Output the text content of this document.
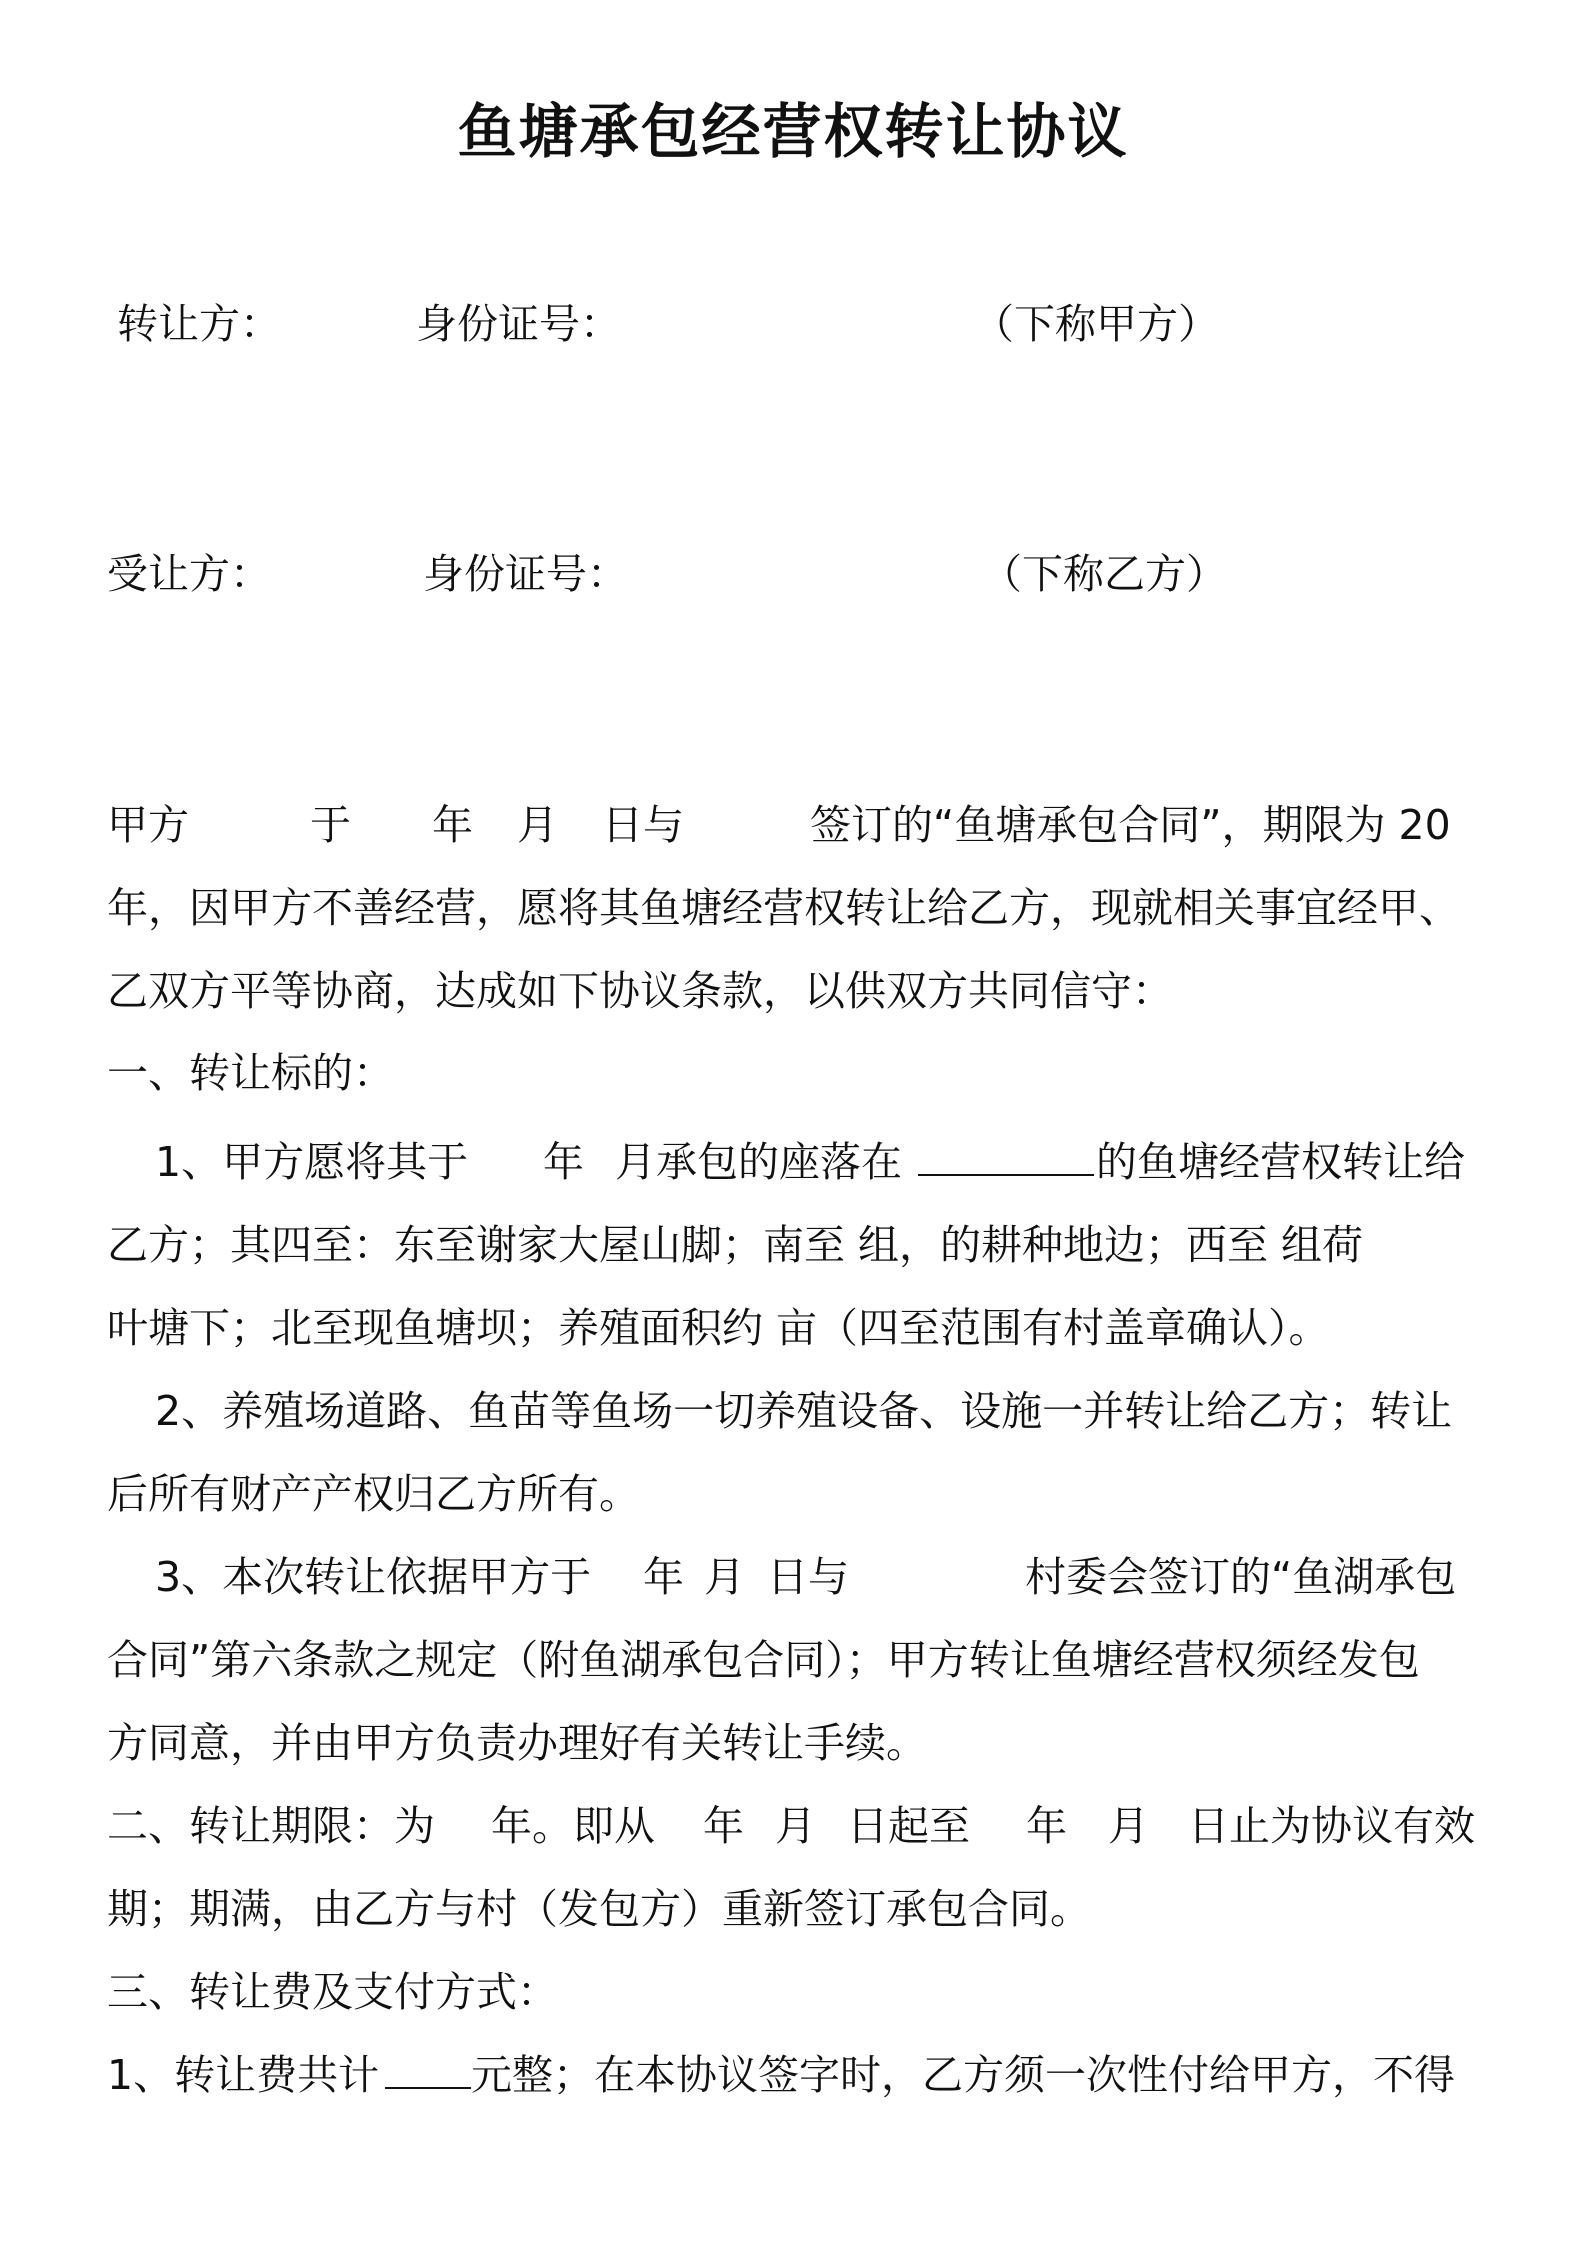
鱼塘承包经营权转让协议
转让方：	身份证号：	（下称甲方）
受让方：	身份证号：	（下称乙方）
甲方	于 年 月 日与	签订的“鱼塘承包合同”，期限为 20
年，因甲方不善经营，愿将其鱼塘经营权转让给乙方，现就相关事宜经甲、
乙双方平等协商，达成如下协议条款，以供双方共同信守：
一、转让标的：
1、甲方愿将其于 年 月承包的座落在	的鱼塘经营权转让给
乙方；其四至：东至谢家大屋山脚；南至 组，的耕种地边；西至 组荷
叶塘下；北至现鱼塘坝；养殖面积约 亩（四至范围有村盖章确认）。
2、养殖场道路、鱼苗等鱼场一切养殖设备、设施一并转让给乙方；转让
后所有财产产权归乙方所有。
3、本次转让依据甲方于 年 月 日与	村委会签订的“鱼湖承包
合同”第六条款之规定（附鱼湖承包合同）；甲方转让鱼塘经营权须经发包
方同意，并由甲方负责办理好有关转让手续。
二、转让期限：为 年。即从 年 月 日起至 年 月 日止为协议有效
期；期满，由乙方与村（发包方）重新签订承包合同。
三、转让费及支付方式：
1、转让费共计 元整；在本协议签字时，乙方须一次性付给甲方，不得
